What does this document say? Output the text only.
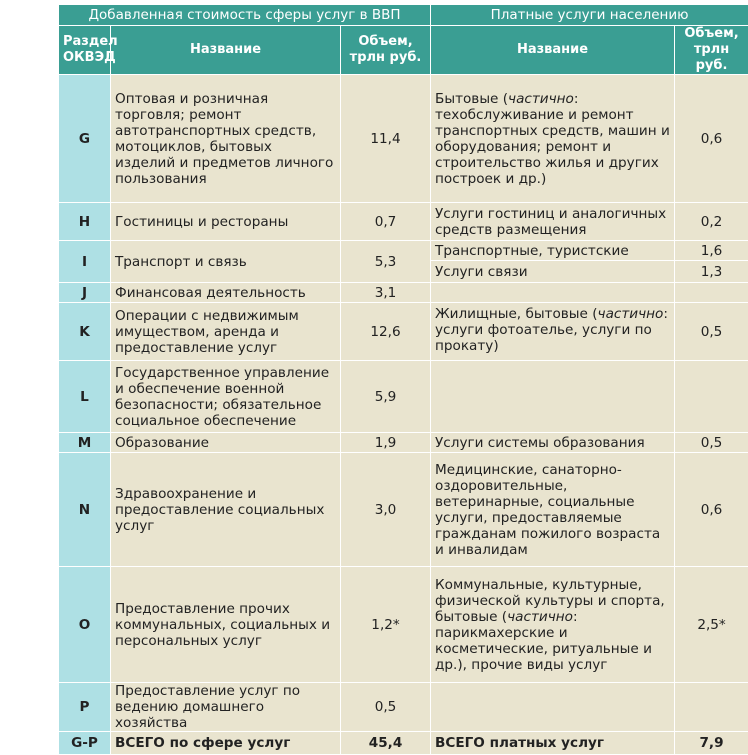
Добавленная стоимость сферы услуг в ВВП			Платные услуги населению	
Раздел ОКВЭД	Название	Объем, трлн руб.	Название	Объем, трлн руб.
G	Оптовая и розничная торговля; ремонт автотранспортных средств, мотоциклов, бытовых изделий и предметов личного пользования	11,4	Бытовые (частично: техобслуживание и ремонт транспортных средств, машин и оборудования; ремонт и строительство жилья и других построек и др.)	0,6
H	Гостиницы и рестораны	0,7	Услуги гостиниц и аналогичных средств размещения	0,2
I	Транспорт и связь	5,3	Транспортные, туристские	1,6
			Услуги связи	1,3
J	Финансовая деятельность	3,1		
K	Операции с недвижимым имуществом, аренда и предоставление услуг	12,6	Жилищные, бытовые (частично: услуги фотоателье, услуги по прокату)	0,5
L	Государственное управление и обеспечение военной безопасности; обязательное социальное обеспечение	5,9		
M	Образование	1,9	Услуги системы образования	0,5
N	Здравоохранение и предоставление социальных услуг	3,0	Медицинские, санаторно-оздоровительные, ветеринарные, социальные услуги, предоставляемые гражданам пожилого возраста и инвалидам	0,6
O	Предоставление прочих коммунальных, социальных и персональных услуг	1,2*	Коммунальные, культурные, физической культуры и спорта, бытовые (частично: парикмахерские и косметические, ритуальные и др.), прочие виды услуг	2,5*
P	Предоставление услуг по ведению домашнего хозяйства	0,5		
G-P	ВСЕГО по сфере услуг	45,4	ВСЕГО платных услуг	7,9
